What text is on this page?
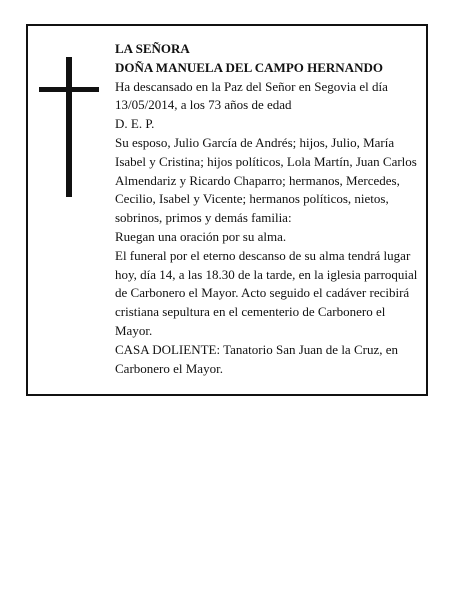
LA SEÑORA

DOÑA MANUELA DEL CAMPO HERNANDO

Ha descansado en la Paz del Señor en Segovia el día 13/05/2014, a los 73 años de edad

D. E. P.

Su esposo, Julio García de Andrés; hijos, Julio, María Isabel y Cristina; hijos políticos, Lola Martín, Juan Carlos Almendariz y Ricardo Chaparro; hermanos, Mercedes, Cecilio, Isabel y Vicente; hermanos políticos, nietos, sobrinos, primos y demás familia:

Ruegan una oración por su alma.

El funeral por el eterno descanso de su alma tendrá lugar hoy, día 14, a las 18.30 de la tarde, en la iglesia parroquial de Carbonero el Mayor. Acto seguido el cadáver recibirá cristiana sepultura en el cementerio de Carbonero el Mayor.

CASA DOLIENTE: Tanatorio San Juan de la Cruz, en Carbonero el Mayor.
